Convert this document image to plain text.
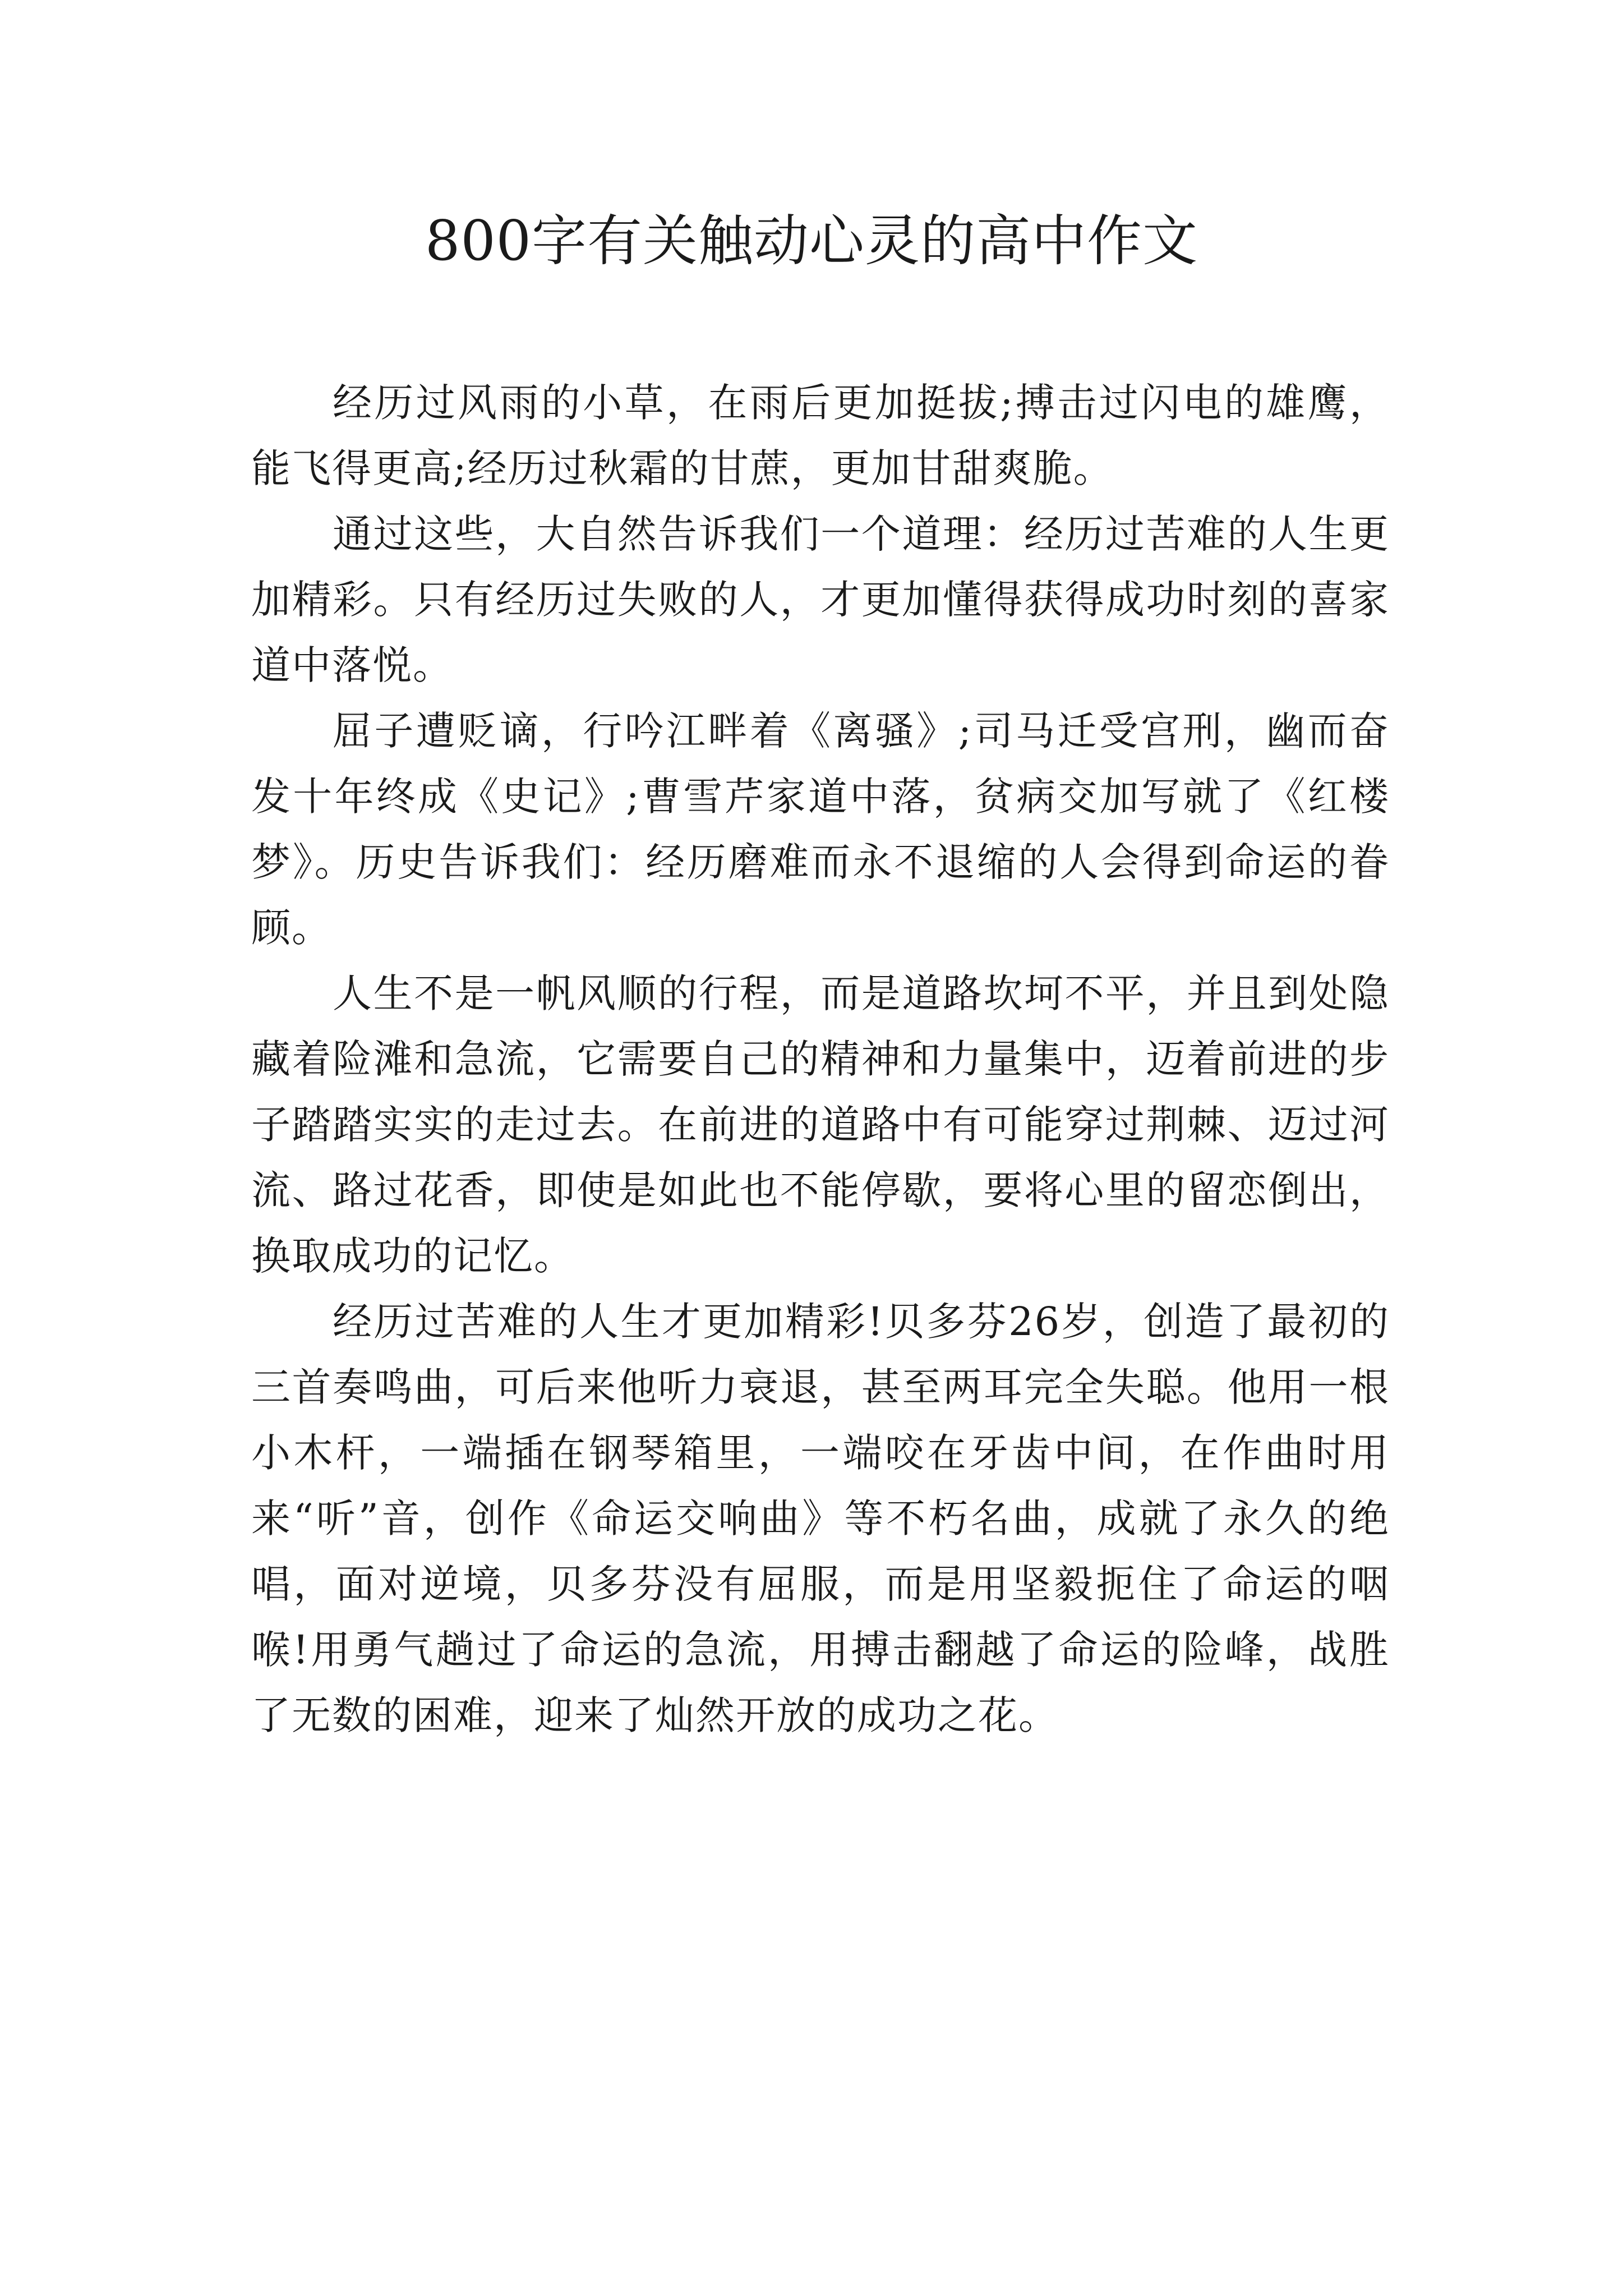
800字有关触动心灵的高中作文

经历过风雨的小草，在雨后更加挺拔;搏击过闪电的雄鹰，能飞得更高;经历过秋霜的甘蔗，更加甘甜爽脆。

通过这些，大自然告诉我们一个道理：经历过苦难的人生更加精彩。只有经历过失败的人，才更加懂得获得成功时刻的喜家道中落悦。

屈子遭贬谪，行吟江畔着《离骚》;司马迁受宫刑，幽而奋发十年终成《史记》;曹雪芹家道中落，贫病交加写就了《红楼梦》。历史告诉我们：经历磨难而永不退缩的人会得到命运的眷顾。

人生不是一帆风顺的行程，而是道路坎坷不平，并且到处隐藏着险滩和急流，它需要自己的精神和力量集中，迈着前进的步子踏踏实实的走过去。在前进的道路中有可能穿过荆棘、迈过河流、路过花香，即使是如此也不能停歇，要将心里的留恋倒出，换取成功的记忆。

经历过苦难的人生才更加精彩!贝多芬26岁，创造了最初的三首奏鸣曲，可后来他听力衰退，甚至两耳完全失聪。他用一根小木杆，一端插在钢琴箱里，一端咬在牙齿中间，在作曲时用来“听”音，创作《命运交响曲》等不朽名曲，成就了永久的绝唱，面对逆境，贝多芬没有屈服，而是用坚毅扼住了命运的咽喉!用勇气趟过了命运的急流，用搏击翻越了命运的险峰，战胜了无数的困难，迎来了灿然开放的成功之花。
